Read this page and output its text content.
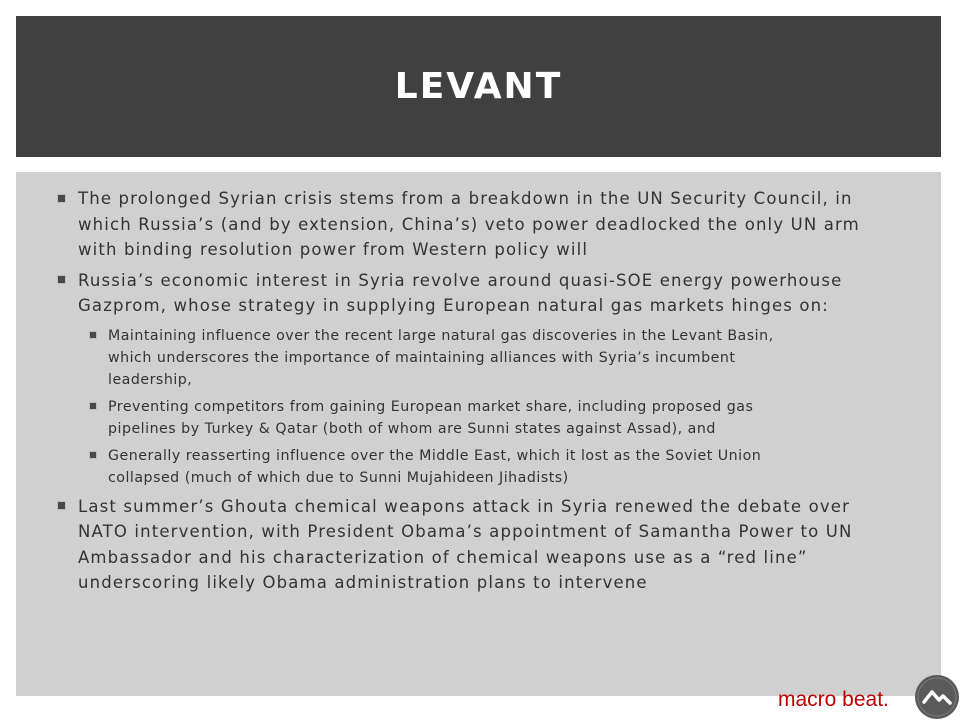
LEVANT
The prolonged Syrian crisis stems from a breakdown in the UN Security Council, in which Russia’s (and by extension, China’s) veto power deadlocked the only UN arm with binding resolution power from Western policy will
Russia’s economic interest in Syria revolve around quasi-SOE energy powerhouse Gazprom, whose strategy in supplying European natural gas markets hinges on:
Maintaining influence over the recent large natural gas discoveries in the Levant Basin, which underscores the importance of maintaining alliances with Syria’s incumbent leadership,
Preventing competitors from gaining European market share, including proposed gas pipelines by Turkey & Qatar (both of whom are Sunni states against Assad), and
Generally reasserting influence over the Middle East, which it lost as the Soviet Union collapsed (much of which due to Sunni Mujahideen Jihadists)
Last summer’s Ghouta chemical weapons attack in Syria renewed the debate over NATO intervention, with President Obama’s appointment of Samantha Power to UN Ambassador and his characterization of chemical weapons use as a “red line” underscoring likely Obama administration plans to intervene
macro beat.
